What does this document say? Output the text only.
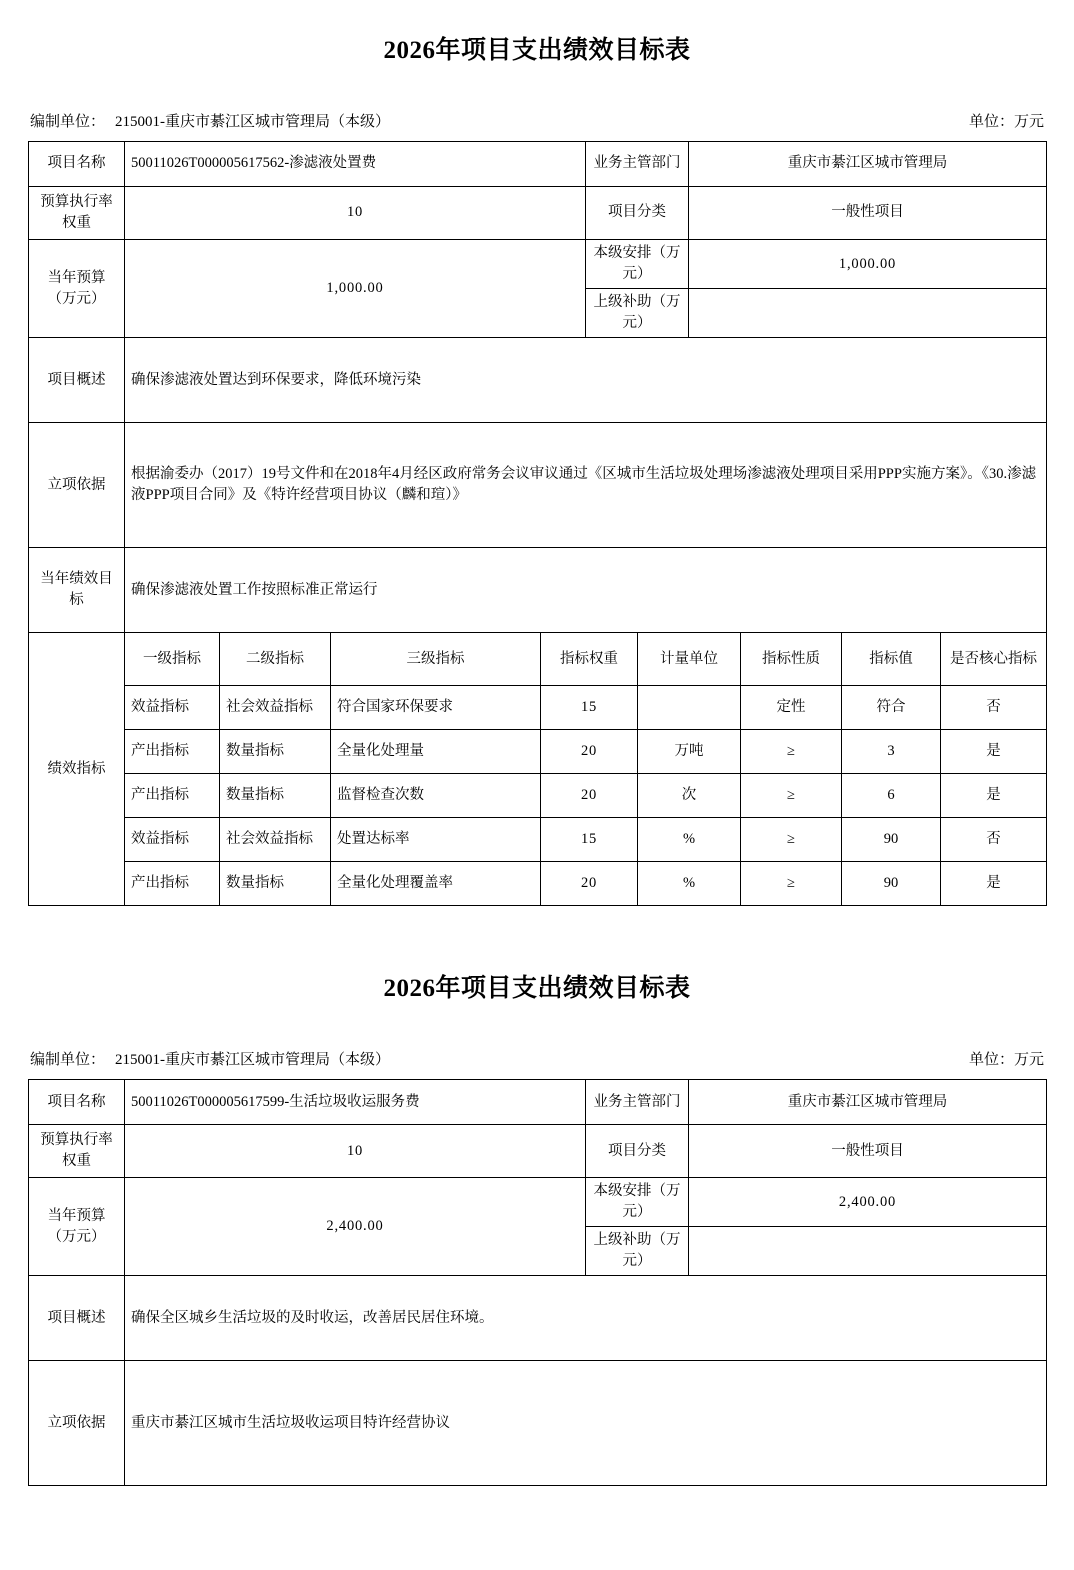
2026年项目支出绩效目标表
编制单位： 215001-重庆市綦江区城市管理局（本级）	单位：万元
项目名称	50011026T000005617562-渗滤液处置费	业务主管部门	重庆市綦江区城市管理局
预算执行率权重	10	项目分类	一般性项目
当年预算（万元）	1,000.00	本级安排（万元）	1,000.00
		上级补助（万元）	
项目概述	确保渗滤液处置达到环保要求，降低环境污染		
立项依据	根据渝委办（2017）19号文件和在2018年4月经区政府常务会议审议通过《区城市生活垃圾处理场渗滤液处理项目采用PPP实施方案》。《30.渗滤液PPP项目合同》及《特许经营项目协议（麟和瑄）》		
当年绩效目标	确保渗滤液处置工作按照标准正常运行		
绩效指标	一级指标	二级指标	三级指标	指标权重	计量单位	指标性质	指标值	是否核心指标
	效益指标	社会效益指标	符合国家环保要求	15		定性	符合	否
	产出指标	数量指标	全量化处理量	20	万吨	≥	3	是
	产出指标	数量指标	监督检查次数	20	次	≥	6	是
	效益指标	社会效益指标	处置达标率	15	%	≥	90	否
	产出指标	数量指标	全量化处理覆盖率	20	%	≥	90	是
2026年项目支出绩效目标表
编制单位： 215001-重庆市綦江区城市管理局（本级）	单位：万元
项目名称	50011026T000005617599-生活垃圾收运服务费	业务主管部门	重庆市綦江区城市管理局
预算执行率权重	10	项目分类	一般性项目
当年预算（万元）	2,400.00	本级安排（万元）	2,400.00
		上级补助（万元）	
项目概述	确保全区城乡生活垃圾的及时收运，改善居民居住环境。		
立项依据	重庆市綦江区城市生活垃圾收运项目特许经营协议		
